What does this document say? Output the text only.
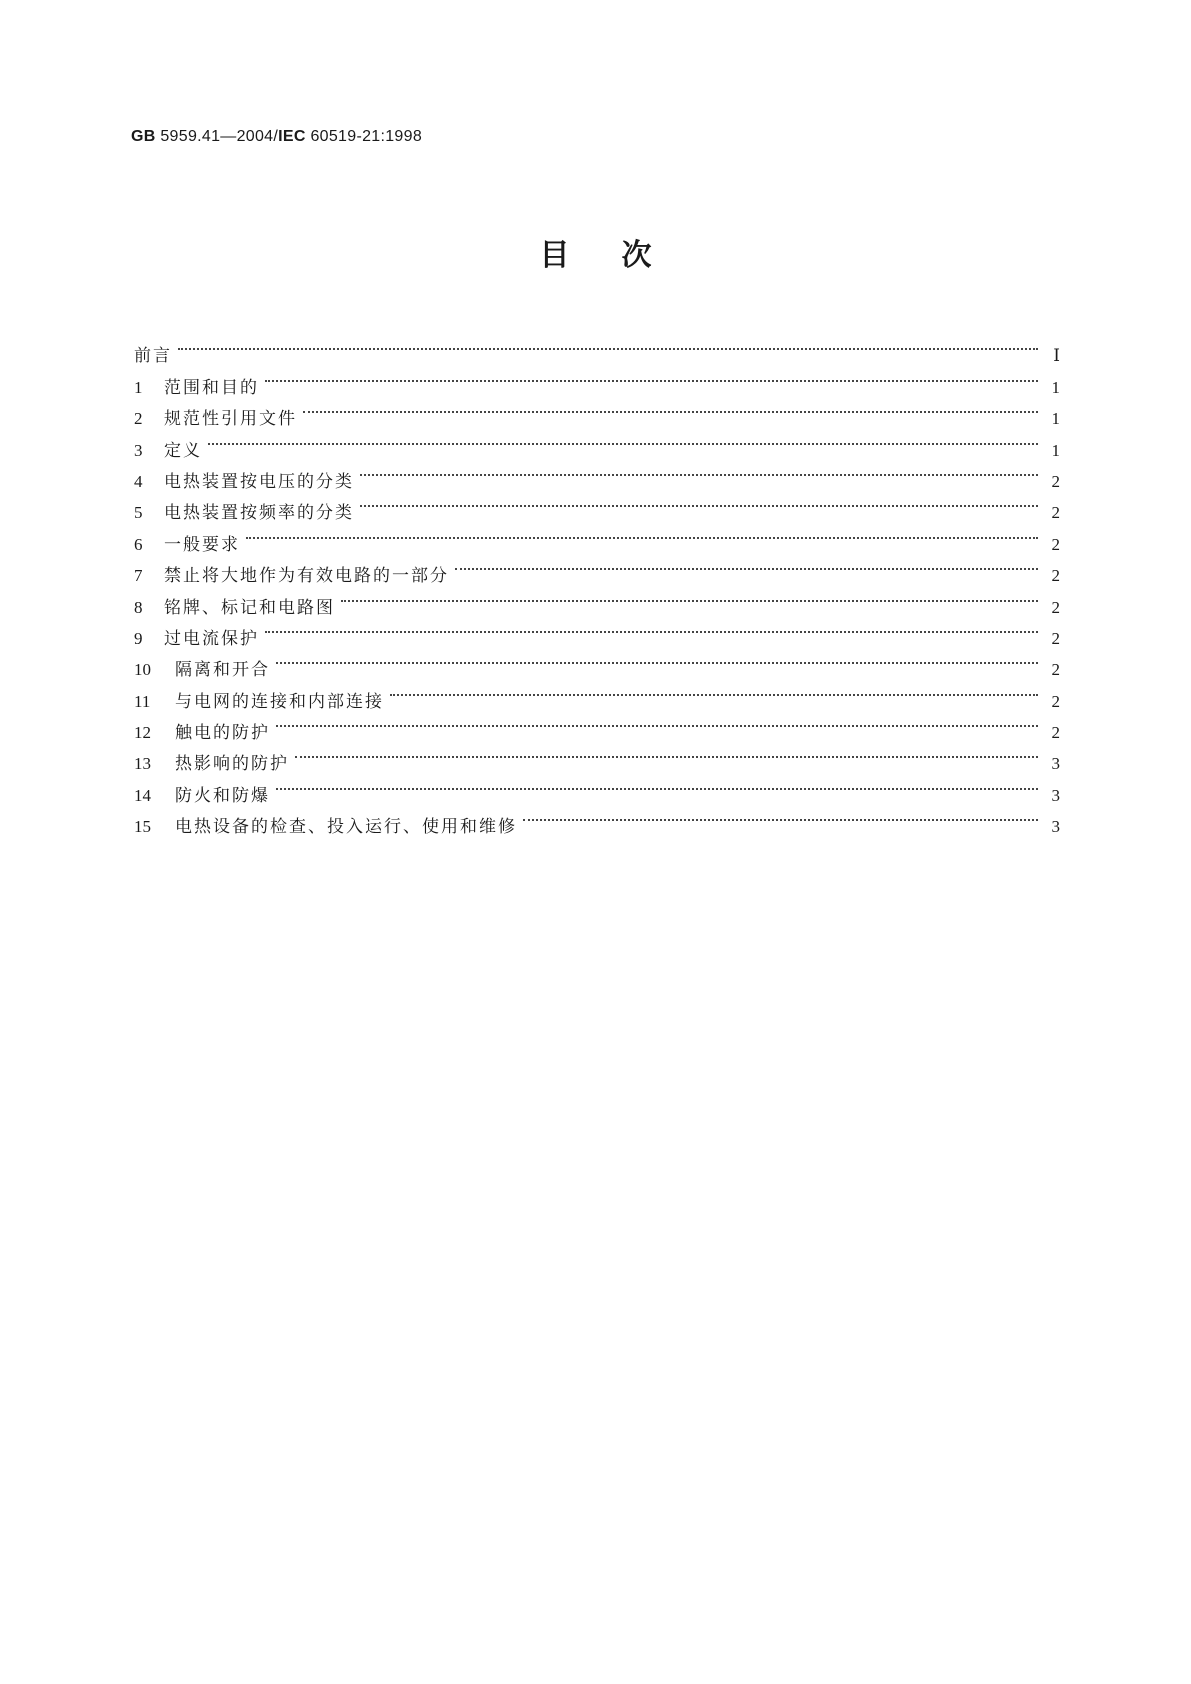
GB 5959.41—2004/IEC 60519-21:1998
目次
前言	Ⅰ
1	范围和目的	1
2	规范性引用文件	1
3	定义	1
4	电热装置按电压的分类	2
5	电热装置按频率的分类	2
6	一般要求	2
7	禁止将大地作为有效电路的一部分	2
8	铭牌、标记和电路图	2
9	过电流保护	2
10	隔离和开合	2
11	与电网的连接和内部连接	2
12	触电的防护	2
13	热影响的防护	3
14	防火和防爆	3
15	电热设备的检查、投入运行、使用和维修	3
